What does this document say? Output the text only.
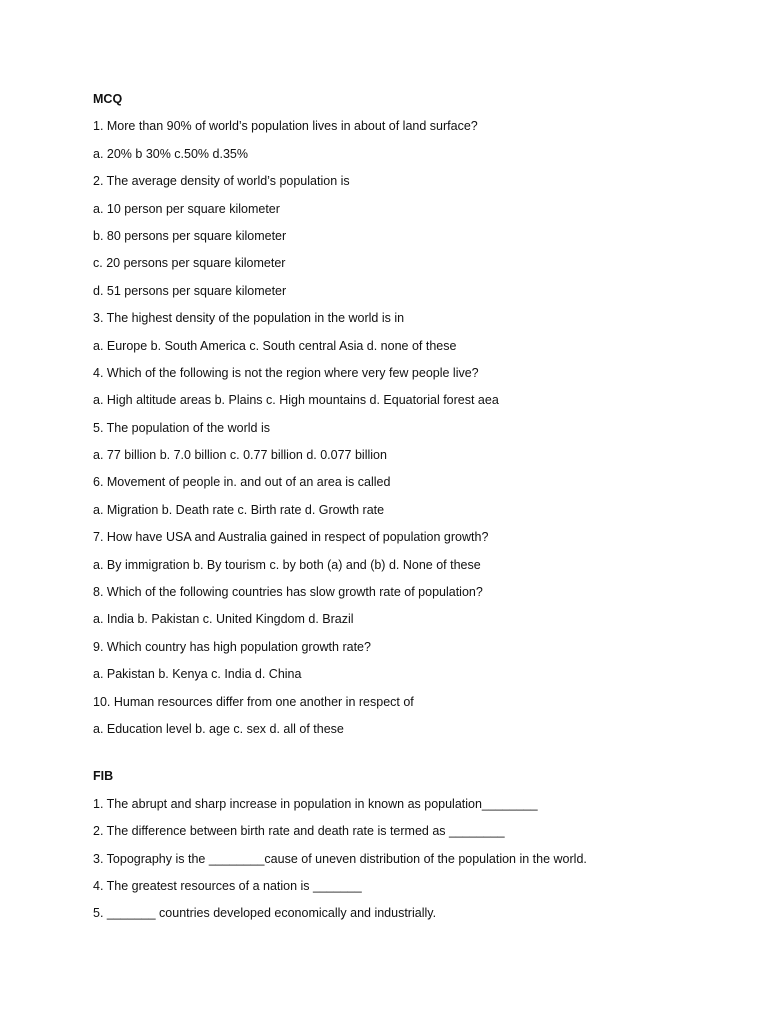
MCQ
1. More than 90% of world’s population lives in about of land surface?
a. 20% b 30% c.50% d.35%
2. The average density of world’s population is
a. 10 person per square kilometer
b. 80 persons per square kilometer
c. 20 persons per square kilometer
d. 51 persons per square kilometer
3. The highest density of the population in the world is in
a. Europe b. South America c. South central Asia d. none of these
4. Which of the following is not the region where very few people live?
a. High altitude areas b. Plains c. High mountains d. Equatorial forest aea
5. The population of the world is
a. 77 billion b. 7.0 billion c. 0.77 billion d. 0.077 billion
6. Movement of people in. and out of an area is called
a. Migration b. Death rate c. Birth rate d. Growth rate
7. How have USA and Australia gained in respect of population growth?
a. By immigration b. By tourism c. by both (a) and (b) d. None of these
8. Which of the following countries has slow growth rate of population?
a. India b. Pakistan c. United Kingdom d. Brazil
9. Which country has high population growth rate?
a. Pakistan b. Kenya c. India d. China
10. Human resources differ from one another in respect of
a. Education level b. age c. sex d. all of these
FIB
1. The abrupt and sharp increase in population in known as population________
2. The difference between birth rate and death rate is termed as ________
3. Topography is the ________cause of uneven distribution of the population in the world.
4. The greatest resources of a nation is _______
5. _______ countries developed economically and industrially.
